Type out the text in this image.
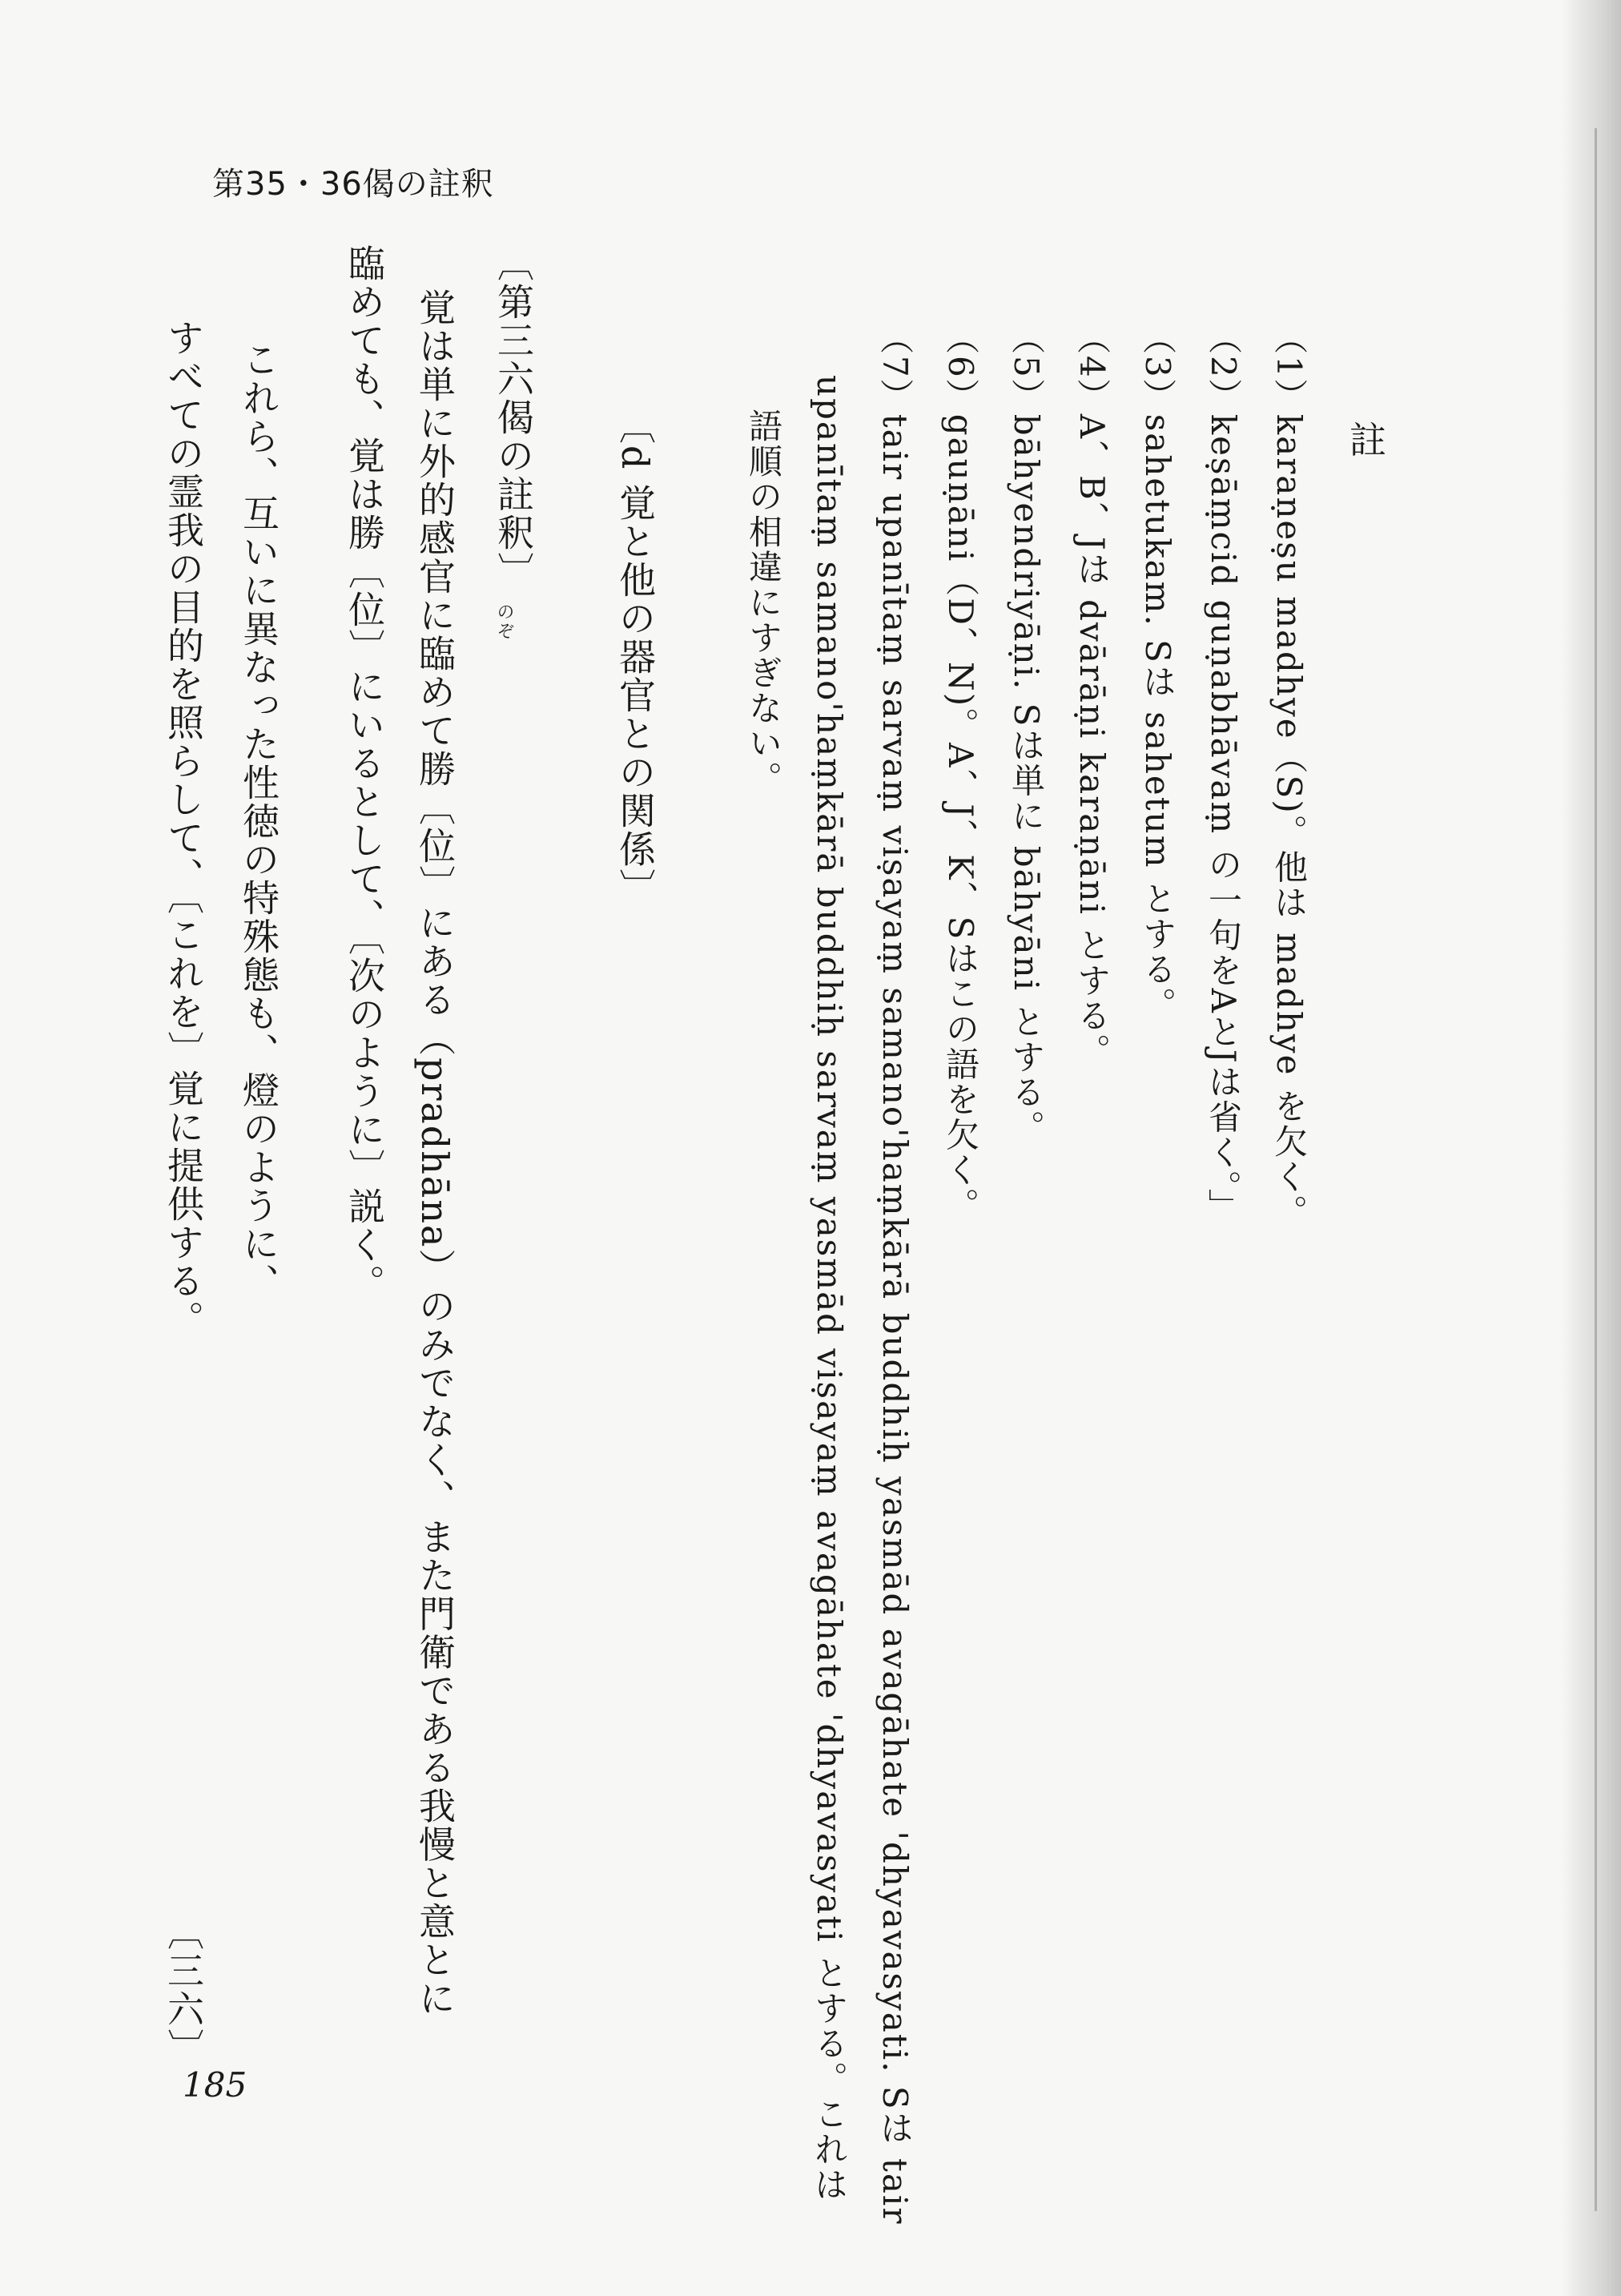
第35・36偈の註釈
註
（1）karaṇeṣu madhye（S)。他は madhye を欠く。
（2）keṣāṃcid guṇabhāvaṃ の一句をAとJは省く。」
（3）sahetukam. Sは sahetum とする。
（4）A、B、Jは dvārāṇi karaṇāni とする。
（5）bāhyendriyāṇi. Sは単に bāhyāni とする。
（6）gauṇāni（D、N)。A、J、K、Sはこの語を欠く。
（7）tair upanītaṃ sarvaṃ viṣayaṃ samano'haṃkārā buddhiḥ yasmād avagāhate 'dhyavasyati. Sは tair
upanītaṃ samano'haṃkārā buddhiḥ sarvaṃ yasmād viṣayaṃ avagāhate 'dhyavasyati とする。これは
語順の相違にすぎない。
〔d 覚と他の器官との関係〕
〔第三六偈の註釈〕
覚は単に外的感官に臨めて勝〔位〕にある（pradhāna）のみでなく、また門衛である我慢と意とに
臨めても、覚は勝〔位〕にいるとして、〔次のように〕説く。
これら、互いに異なった性徳の特殊態も、燈のように、
すべての霊我の目的を照らして、〔これを〕覚に提供する。	のぞ
〔三六〕
185
